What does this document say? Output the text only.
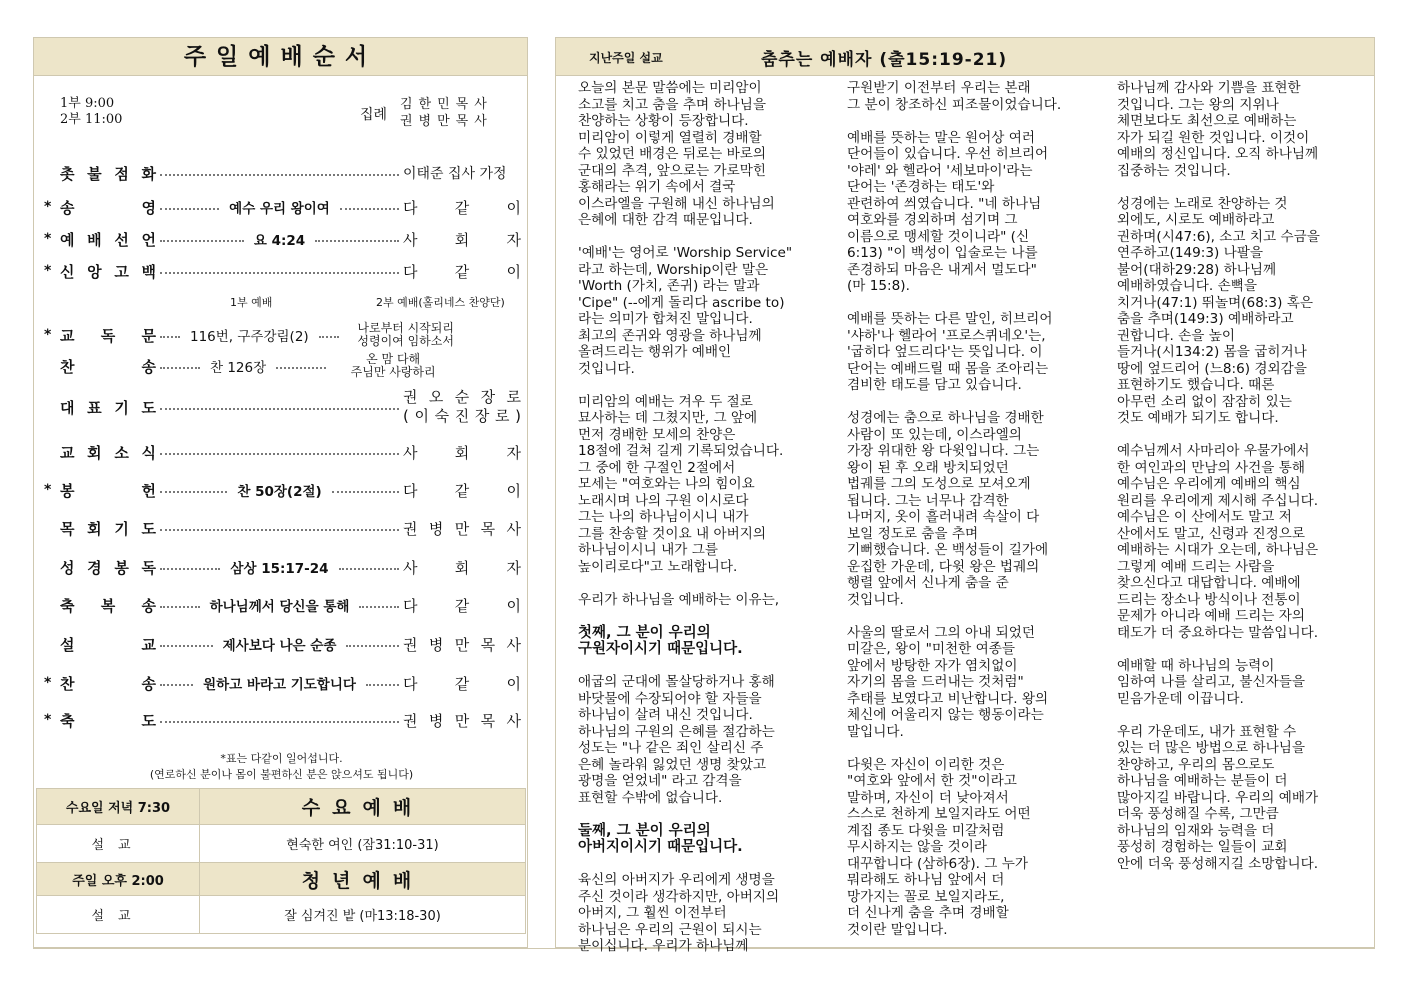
주일예배순서
1부 9:00
2부 11:00	집례
김한민목사
권병만목사
촛 불 점 화	이태준 집사 가정
* 송	영	예수 우리 왕이여	다 같 이
* 예 배 선 언	요 4:24	사 회 자
* 신 앙 고 백	다 같 이
1부 예배	2부 예배(홀리네스 찬양단)
* 교 독 문	116번, 구주강림(2)
나로부터 시작되리
성령이여 임하소서
찬	송	찬 126장
온 맘 다해
주님만 사랑하리
대 표 기 도
권 오 순 장 로
( 이 숙 진 장 로 )
교 회 소 식	사 회 자
* 봉	헌	찬 50장(2절)	다 같 이
목 회 기 도	권 병 만 목 사
성 경 봉 독	삼상 15:17-24	사 회 자
축 복 송	하나님께서 당신을 통해	다 같 이
설	교	제사보다 나은 순종	권 병 만 목 사
* 찬	송	원하고 바라고 기도합니다	다 같 이
* 축	도	권 병 만 목 사
*표는 다같이 일어섭니다.
(연로하신 분이나 몸이 불편하신 분은 앉으셔도 됩니다)
수요일 저녁 7:30	수요예배
설교	현숙한 여인 (잠31:10-31)
주일 오후 2:00	청년예배
설교	잘 심겨진 밭 (마13:18-30)
지난주일 설교	춤추는 예배자 (출15:19-21)

오늘의 본문 말씀에는 미리암이
소고를 치고 춤을 추며 하나님을
찬양하는 상황이 등장합니다.
미리암이 이렇게 열렬히 경배할
수 있었던 배경은 뒤로는 바로의
군대의 추격, 앞으로는 가로막힌
홍해라는 위기 속에서 결국
이스라엘을 구원해 내신 하나님의
은혜에 대한 감격 때문입니다.

'예배'는 영어로 'Worship Service"
라고 하는데, Worship이란 말은
'Worth (가치, 존귀) 라는 말과
'Cipe" (--에게 돌리다 ascribe to)
라는 의미가 합쳐진 말입니다.
최고의 존귀와 영광을 하나님께
올려드리는 행위가 예배인
것입니다.

미리암의 예배는 겨우 두 절로
묘사하는 데 그쳤지만, 그 앞에
먼저 경배한 모세의 찬양은
18절에 걸쳐 길게 기록되었습니다.
그 중에 한 구절인 2절에서
모세는 "여호와는 나의 힘이요
노래시며 나의 구원 이시로다
그는 나의 하나님이시니 내가
그를 찬송할 것이요 내 아버지의
하나님이시니 내가 그를
높이리로다"고 노래합니다.

우리가 하나님을 예배하는 이유는,

첫째, 그 분이 우리의
구원자이시기 때문입니다.

애굽의 군대에 몰살당하거나 홍해
바닷물에 수장되어야 할 자들을
하나님이 살려 내신 것입니다.
하나님의 구원의 은혜를 절감하는
성도는 "나 같은 죄인 살리신 주
은혜 놀라워 잃었던 생명 찾았고
광명을 얻었네" 라고 감격을
표현할 수밖에 없습니다.

둘째, 그 분이 우리의
아버지이시기 때문입니다.

육신의 아버지가 우리에게 생명을
주신 것이라 생각하지만, 아버지의
아버지, 그 훨씬 이전부터
하나님은 우리의 근원이 되시는
분이십니다. 우리가 하나님께

구원받기 이전부터 우리는 본래
그 분이 창조하신 피조물이었습니다.

예배를 뜻하는 말은 원어상 여러
단어들이 있습니다. 우선 히브리어
'야레' 와 헬라어 '세보마이'라는
단어는 '존경하는 태도'와
관련하여 씌였습니다. "네 하나님
여호와를 경외하며 섬기며 그
이름으로 맹세할 것이니라" (신
6:13) "이 백성이 입술로는 나를
존경하되 마음은 내게서 멀도다"
(마 15:8).

예배를 뜻하는 다른 말인, 히브리어
'샤하'나 헬라어 '프로스퀴네오'는,
'굽히다 엎드리다'는 뜻입니다. 이
단어는 예배드릴 때 몸을 조아리는
겸비한 태도를 담고 있습니다.

성경에는 춤으로 하나님을 경배한
사람이 또 있는데, 이스라엘의
가장 위대한 왕 다윗입니다. 그는
왕이 된 후 오래 방치되었던
법궤를 그의 도성으로 모셔오게
됩니다. 그는 너무나 감격한
나머지, 옷이 흘러내려 속살이 다
보일 정도로 춤을 추며
기뻐했습니다. 온 백성들이 길가에
운집한 가운데, 다윗 왕은 법궤의
행렬 앞에서 신나게 춤을 준
것입니다.

사울의 딸로서 그의 아내 되었던
미갈은, 왕이 "미천한 여종들
앞에서 방탕한 자가 염치없이
자기의 몸을 드러내는 것처럼"
추태를 보였다고 비난합니다. 왕의
체신에 어울리지 않는 행동이라는
말입니다.

다윗은 자신이 이리한 것은
"여호와 앞에서 한 것"이라고
말하며, 자신이 더 낮아져서
스스로 천하게 보일지라도 어떤
계집 종도 다윗을 미갈처럼
무시하지는 않을 것이라
대꾸합니다 (삼하6장). 그 누가
뭐라해도 하나님 앞에서 더
망가지는 꼴로 보일지라도,
더 신나게 춤을 추며 경배할
것이란 말입니다.

하나님께 감사와 기쁨을 표현한
것입니다. 그는 왕의 지위나
체면보다도 최선으로 예배하는
자가 되길 원한 것입니다. 이것이
예배의 정신입니다. 오직 하나님께
집중하는 것입니다.

성경에는 노래로 찬양하는 것
외에도, 시로도 예배하라고
권하며(시47:6), 소고 치고 수금을
연주하고(149:3) 나팔을
불어(대하29:28) 하나님께
예배하였습니다. 손뼉을
치거나(47:1) 뛰놀며(68:3) 혹은
춤을 추며(149:3) 예배하라고
권합니다. 손을 높이
들거나(시134:2) 몸을 굽히거나
땅에 엎드리어 (느8:6) 경외감을
표현하기도 했습니다. 때론
아무런 소리 없이 잠잠히 있는
것도 예배가 되기도 합니다.

예수님께서 사마리아 우물가에서
한 여인과의 만남의 사건을 통해
예수님은 우리에게 예배의 핵심
원리를 우리에게 제시해 주십니다.
예수님은 이 산에서도 말고 저
산에서도 말고, 신령과 진정으로
예배하는 시대가 오는데, 하나님은
그렇게 예배 드리는 사람을
찾으신다고 대답합니다. 예배에
드리는 장소나 방식이나 전통이
문제가 아니라 예배 드리는 자의
태도가 더 중요하다는 말씀입니다.

예배할 때 하나님의 능력이
임하여 나를 살리고, 불신자들을
믿음가운데 이끕니다.

우리 가운데도, 내가 표현할 수
있는 더 많은 방법으로 하나님을
찬양하고, 우리의 몸으로도
하나님을 예배하는 분들이 더
많아지길 바랍니다. 우리의 예배가
더욱 풍성해질 수록, 그만큼
하나님의 임재와 능력을 더
풍성히 경험하는 일들이 교회
안에 더욱 풍성해지길 소망합니다.
